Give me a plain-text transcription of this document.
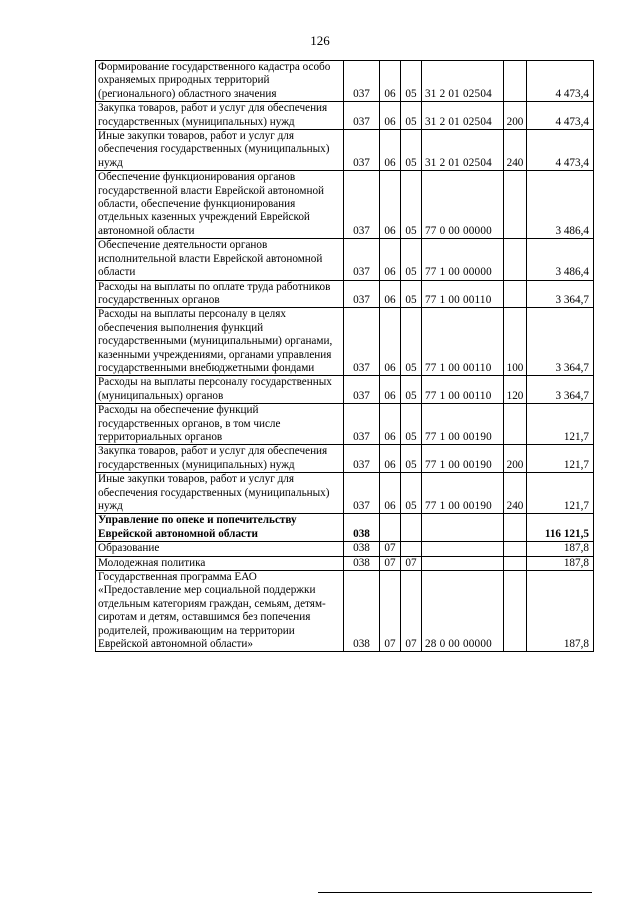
126
Формирование государственного кадастра особо охраняемых природных территорий (регионального) областного значения	037	06	05	31 2 01 02504		4 473,4
Закупка товаров, работ и услуг для обеспечения государственных (муниципальных) нужд	037	06	05	31 2 01 02504	200	4 473,4
Иные закупки товаров, работ и услуг для обеспечения государственных (муниципальных) нужд	037	06	05	31 2 01 02504	240	4 473,4
Обеспечение функционирования органов государственной власти Еврейской автономной области, обеспечение функционирования отдельных казенных учреждений Еврейской автономной области	037	06	05	77 0 00 00000		3 486,4
Обеспечение деятельности органов исполнительной власти Еврейской автономной области	037	06	05	77 1 00 00000		3 486,4
Расходы на выплаты по оплате труда работников государственных органов	037	06	05	77 1 00 00110		3 364,7
Расходы на выплаты персоналу в целях обеспечения выполнения функций государственными (муниципальными) органами, казенными учреждениями, органами управления государственными внебюджетными фондами	037	06	05	77 1 00 00110	100	3 364,7
Расходы на выплаты персоналу государственных (муниципальных) органов	037	06	05	77 1 00 00110	120	3 364,7
Расходы на обеспечение функций государственных органов, в том числе территориальных органов	037	06	05	77 1 00 00190		121,7
Закупка товаров, работ и услуг для обеспечения государственных (муниципальных) нужд	037	06	05	77 1 00 00190	200	121,7
Иные закупки товаров, работ и услуг для обеспечения государственных (муниципальных) нужд	037	06	05	77 1 00 00190	240	121,7
Управление по опеке и попечительству Еврейской автономной области	038					116 121,5
Образование	038	07				187,8
Молодежная политика	038	07	07			187,8
Государственная программа ЕАО «Предоставление мер социальной поддержки отдельным категориям граждан, семьям, детям-сиротам и детям, оставшимся без попечения родителей, проживающим на территории Еврейской автономной области»	038	07	07	28 0 00 00000		187,8
